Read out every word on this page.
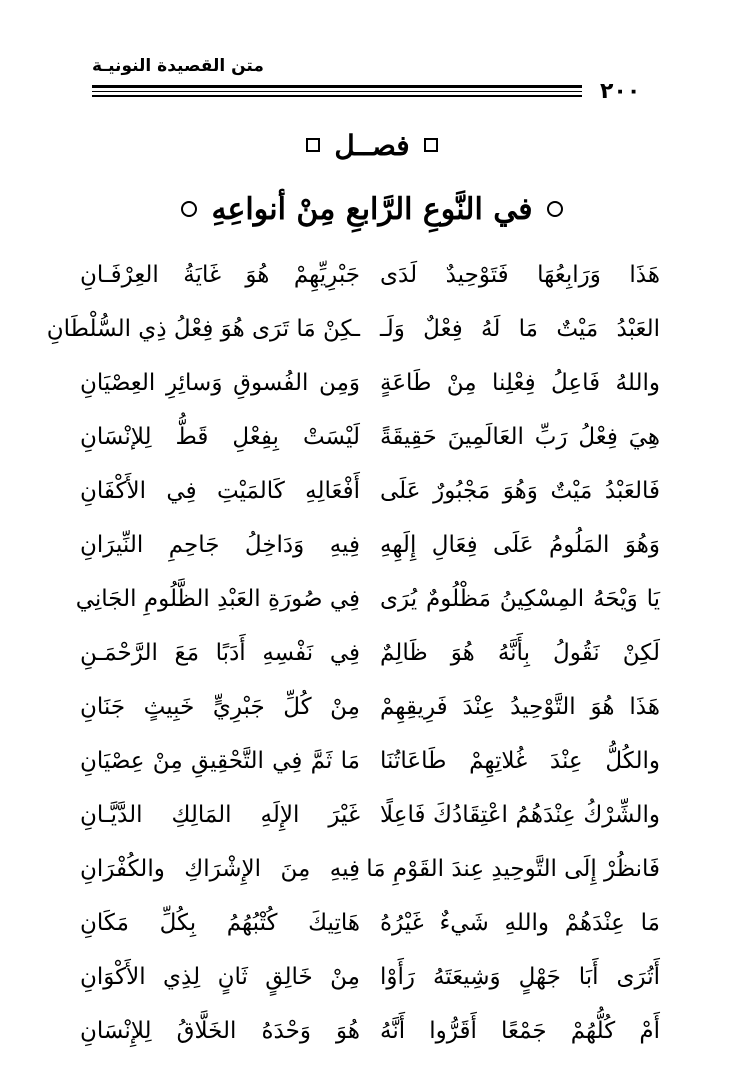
متن القصيدة النونيـة
٢٠٠
فصــل
في النَّوعِ الرَّابعِ مِنْ أنواعِهِ
هَذَا وَرَابِعُهَا فَتَوْحِيدٌ لَدَى
جَبْرِيِّهِمْ هُوَ غَايَةُ العِرْفَـانِ
العَبْدُ مَيْتٌ مَا لَهُ فِعْلٌ وَلَـ
ـكِنْ مَا تَرَى هُوَ فِعْلُ ذِي السُّلْطَانِ
واللهُ فَاعِلُ فِعْلِنا مِنْ طَاعَةٍ
وَمِن الفُسوقِ وَسائِرِ العِصْيَانِ
هِيَ فِعْلُ رَبِّ العَالَمِينَ حَقِيقَةً
لَيْسَتْ بِفِعْلِ قَطُّ لِلإنْسَانِ
فَالعَبْدُ مَيْتٌ وَهُوَ مَجْبُورٌ عَلَى
أَفْعَالِهِ كَالمَيْتِ فِي الأَكْفَانِ
وَهُوَ المَلُومُ عَلَى فِعَالِ إِلَهِهِ
فِيهِ وَدَاخِلُ جَاحِمِ النِّيرَانِ
يَا وَيْحَهُ المِسْكِينُ مَظْلُومٌ يُرَى
فِي صُورَةِ العَبْدِ الظَّلُومِ الجَانِي
لَكِنْ نَقُولُ بِأَنَّهُ هُوَ ظَالِمٌ
فِي نَفْسِهِ أَدَبًا مَعَ الرَّحْمَـنِ
هَذَا هُوَ التَّوْحِيدُ عِنْدَ فَرِيقِهِمْ
مِنْ كُلِّ جَبْرِيٍّ خَبِيثٍ جَنَانِ
والكُلُّ عِنْدَ غُلاتِهِمْ طَاعَاتُنَا
مَا ثَمَّ فِي التَّحْقِيقِ مِنْ عِصْيَانِ
والشِّرْكُ عِنْدَهُمُ اعْتِقَادُكَ فَاعِلًا
غَيْرَ الإِلَهِ المَالِكِ الدَّيَّـانِ
فَانظُرْ إِلَى التَّوحِيدِ عِندَ القَوْمِ مَا
فِيهِ مِنَ الإِشْرَاكِ والكُفْرَانِ
مَا عِنْدَهُمْ واللهِ شَيءٌ غَيْرُهُ
هَاتِيكَ كُتْبُهُمُ بِكُلِّ مَكَانِ
أَتُرَى أَبَا جَهْلٍ وَشِيعَتَهُ رَأَوْا
مِنْ خَالِقٍ ثَانٍ لِذِي الأَكْوَانِ
أَمْ كُلُّهُمْ جَمْعًا أَقَرُّوا أَنَّهُ
هُوَ وَحْدَهُ الخَلَّاقُ لِلإِنْسَانِ
